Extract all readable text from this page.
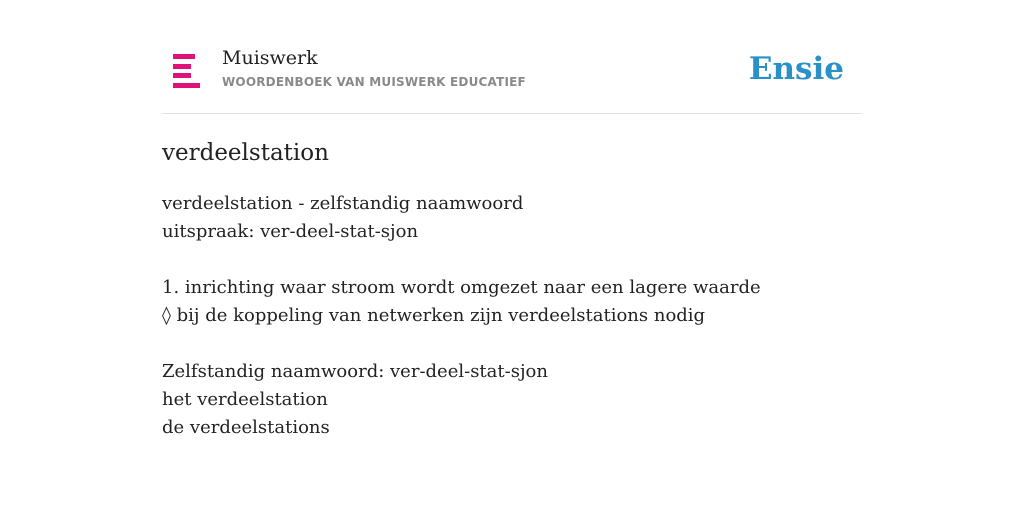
Muiswerk
WOORDENBOEK VAN MUISWERK EDUCATIEF	Ensie
verdeelstation
verdeelstation - zelfstandig naamwoord
uitspraak: ver-deel-stat-sjon
1. inrichting waar stroom wordt omgezet naar een lagere waarde
◊ bij de koppeling van netwerken zijn verdeelstations nodig
Zelfstandig naamwoord: ver-deel-stat-sjon
het verdeelstation
de verdeelstations
